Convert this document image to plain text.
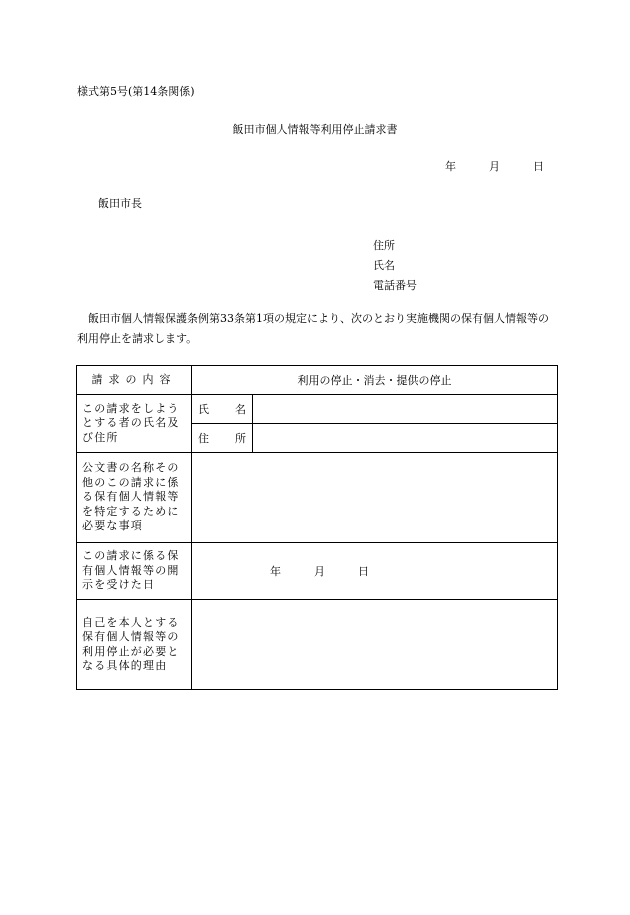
様式第5号(第14条関係)
飯田市個人情報等利用停止請求書
年	月	日
飯田市長
住所
氏名
電話番号
飯田市個人情報保護条例第33条第1項の規定により、次のとおり実施機関の保有個人情報等の利用停止を請求します。
請求の内容	利用の停止・消去・提供の停止	
この請求をしようとする者の氏名及び住所	氏名	
	住所	
公文書の名称その他のこの請求に係る保有個人情報等を特定するために必要な事項		
この請求に係る保有個人情報等の開示を受けた日	年 月 日	
自己を本人とする保有個人情報等の利用停止が必要となる具体的理由		
